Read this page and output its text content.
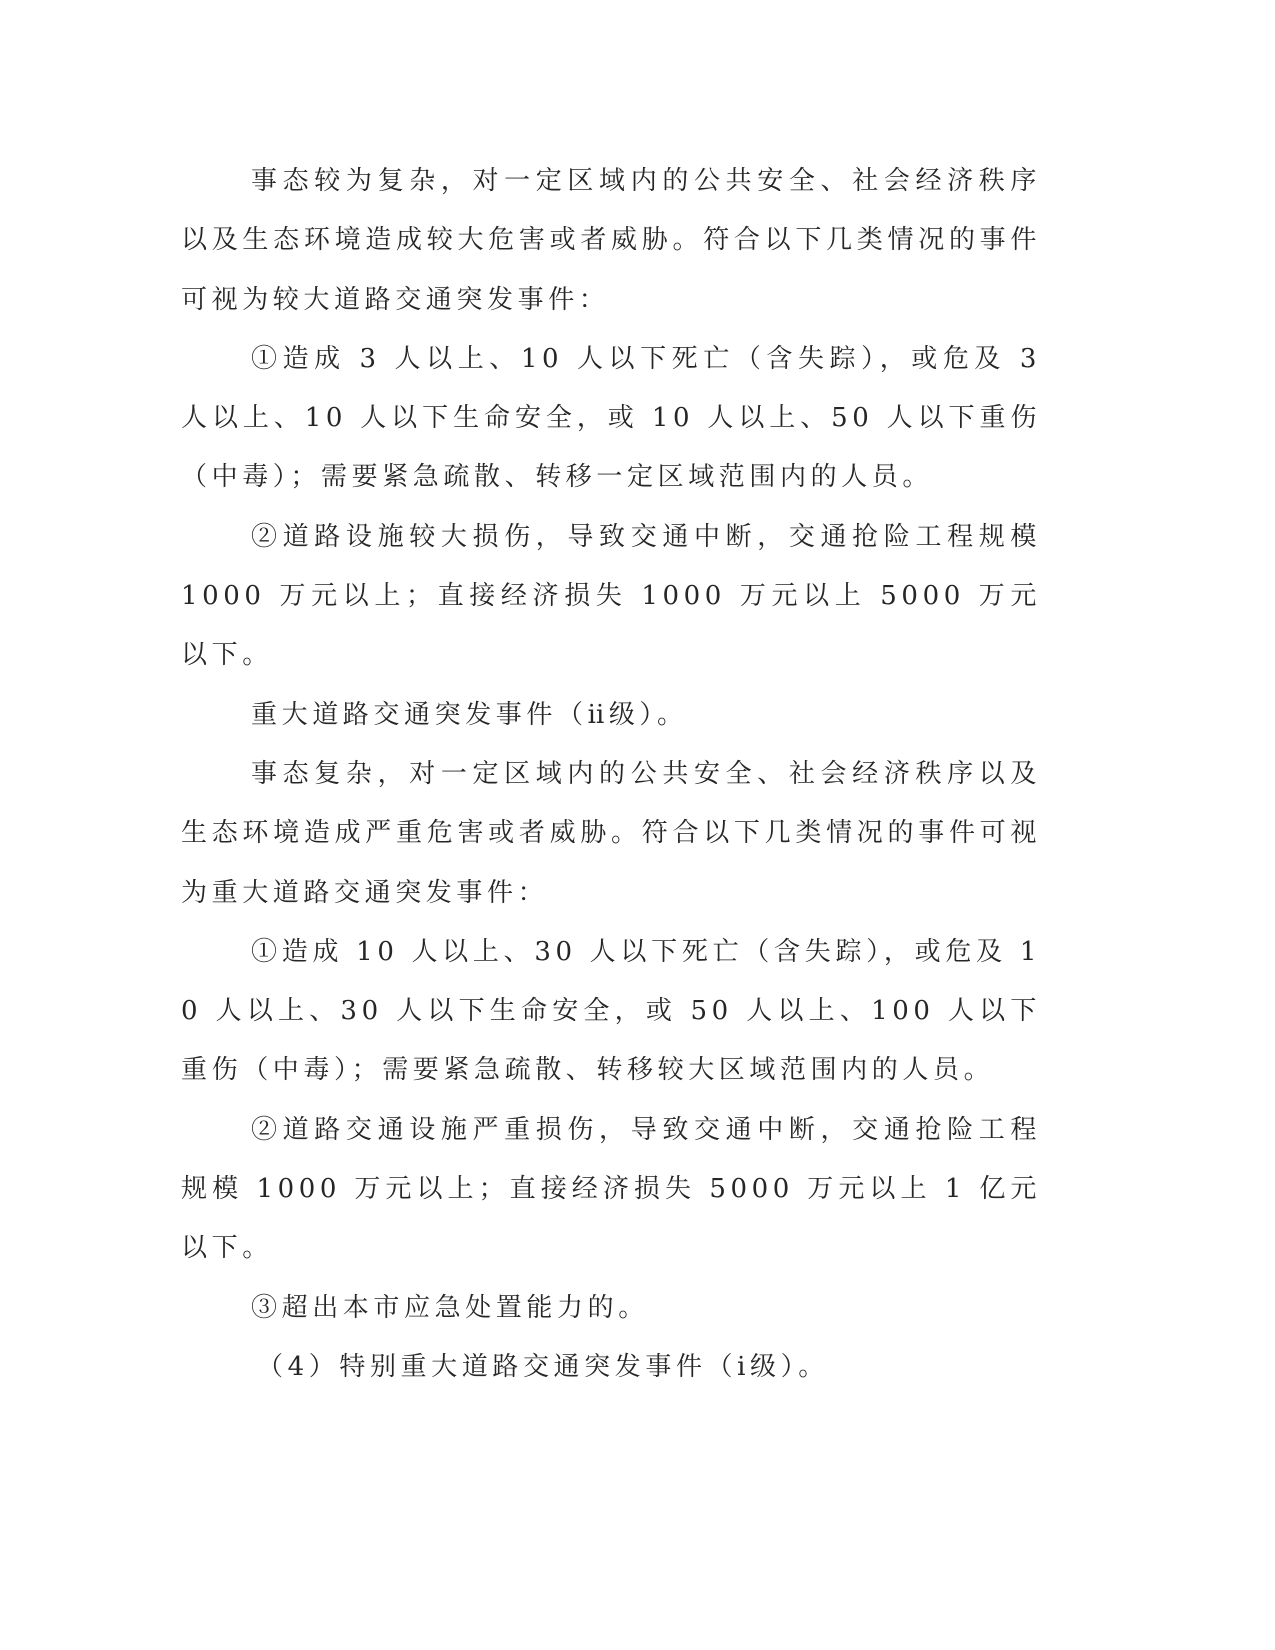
事态较为复杂，对一定区域内的公共安全、社会经济秩序以及生态环境造成较大危害或者威胁。符合以下几类情况的事件可视为较大道路交通突发事件：

①造成 3 人以上、10 人以下死亡（含失踪），或危及 3 人以上、10 人以下生命安全，或 10 人以上、50 人以下重伤（中毒）；需要紧急疏散、转移一定区域范围内的人员。

②道路设施较大损伤，导致交通中断，交通抢险工程规模 1000 万元以上；直接经济损失 1000 万元以上 5000 万元以下。

重大道路交通突发事件（ⅱ级）。

事态复杂，对一定区域内的公共安全、社会经济秩序以及生态环境造成严重危害或者威胁。符合以下几类情况的事件可视为重大道路交通突发事件：

①造成 10 人以上、30 人以下死亡（含失踪），或危及 10 人以上、30 人以下生命安全，或 50 人以上、100 人以下重伤（中毒）；需要紧急疏散、转移较大区域范围内的人员。

②道路交通设施严重损伤，导致交通中断，交通抢险工程规模 1000 万元以上；直接经济损失 5000 万元以上 1 亿元以下。

③超出本市应急处置能力的。

（4）特别重大道路交通突发事件（ⅰ级）。
